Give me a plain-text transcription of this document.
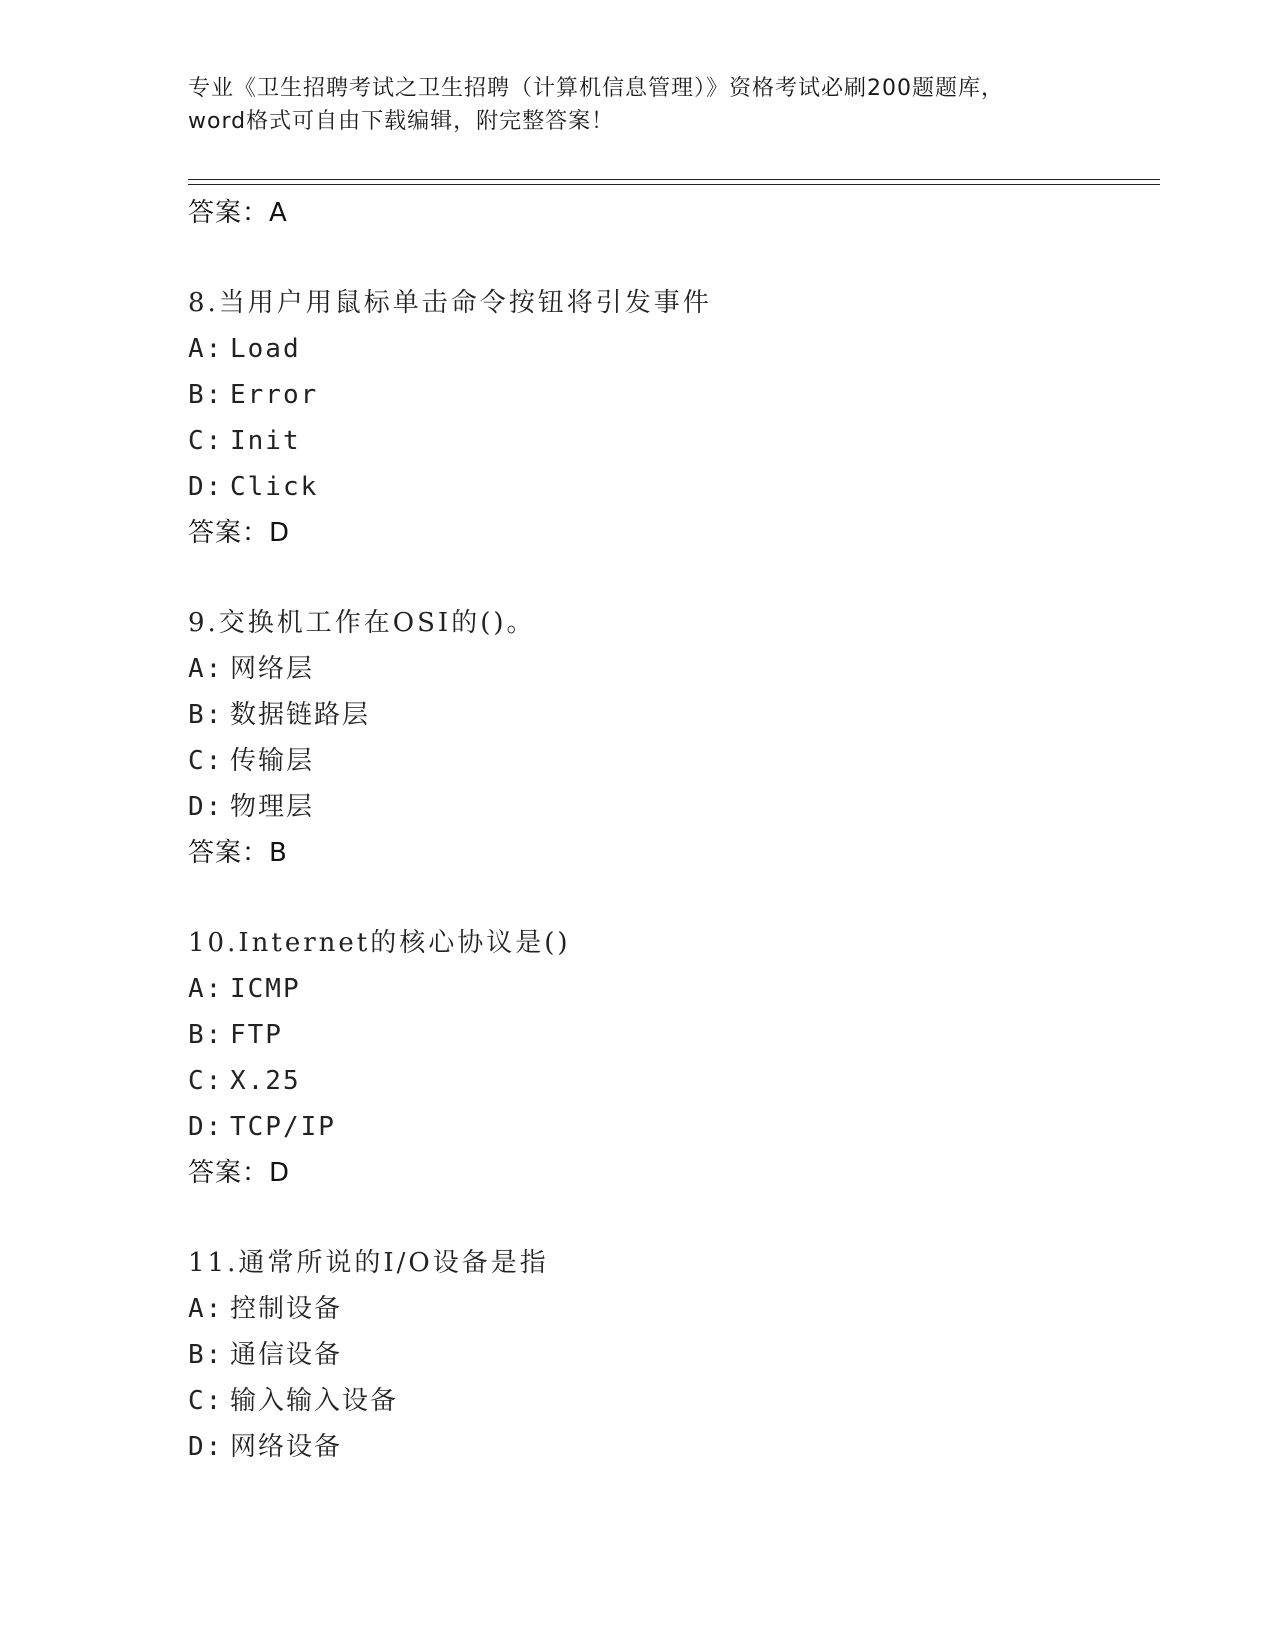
专业《卫生招聘考试之卫生招聘（计算机信息管理）》资格考试必刷200题题库，
word格式可自由下载编辑，附完整答案！
答案：A
8.当用户用鼠标单击命令按钮将引发事件
A: Load
B: Error
C: Init
D: Click
答案：D
9.交换机工作在OSI的()。
A: 网络层
B: 数据链路层
C: 传输层
D: 物理层
答案：B
10.Internet的核心协议是()
A: ICMP
B: FTP
C: X.25
D: TCP/IP
答案：D
11.通常所说的I/O设备是指
A: 控制设备
B: 通信设备
C: 输入输入设备
D: 网络设备
